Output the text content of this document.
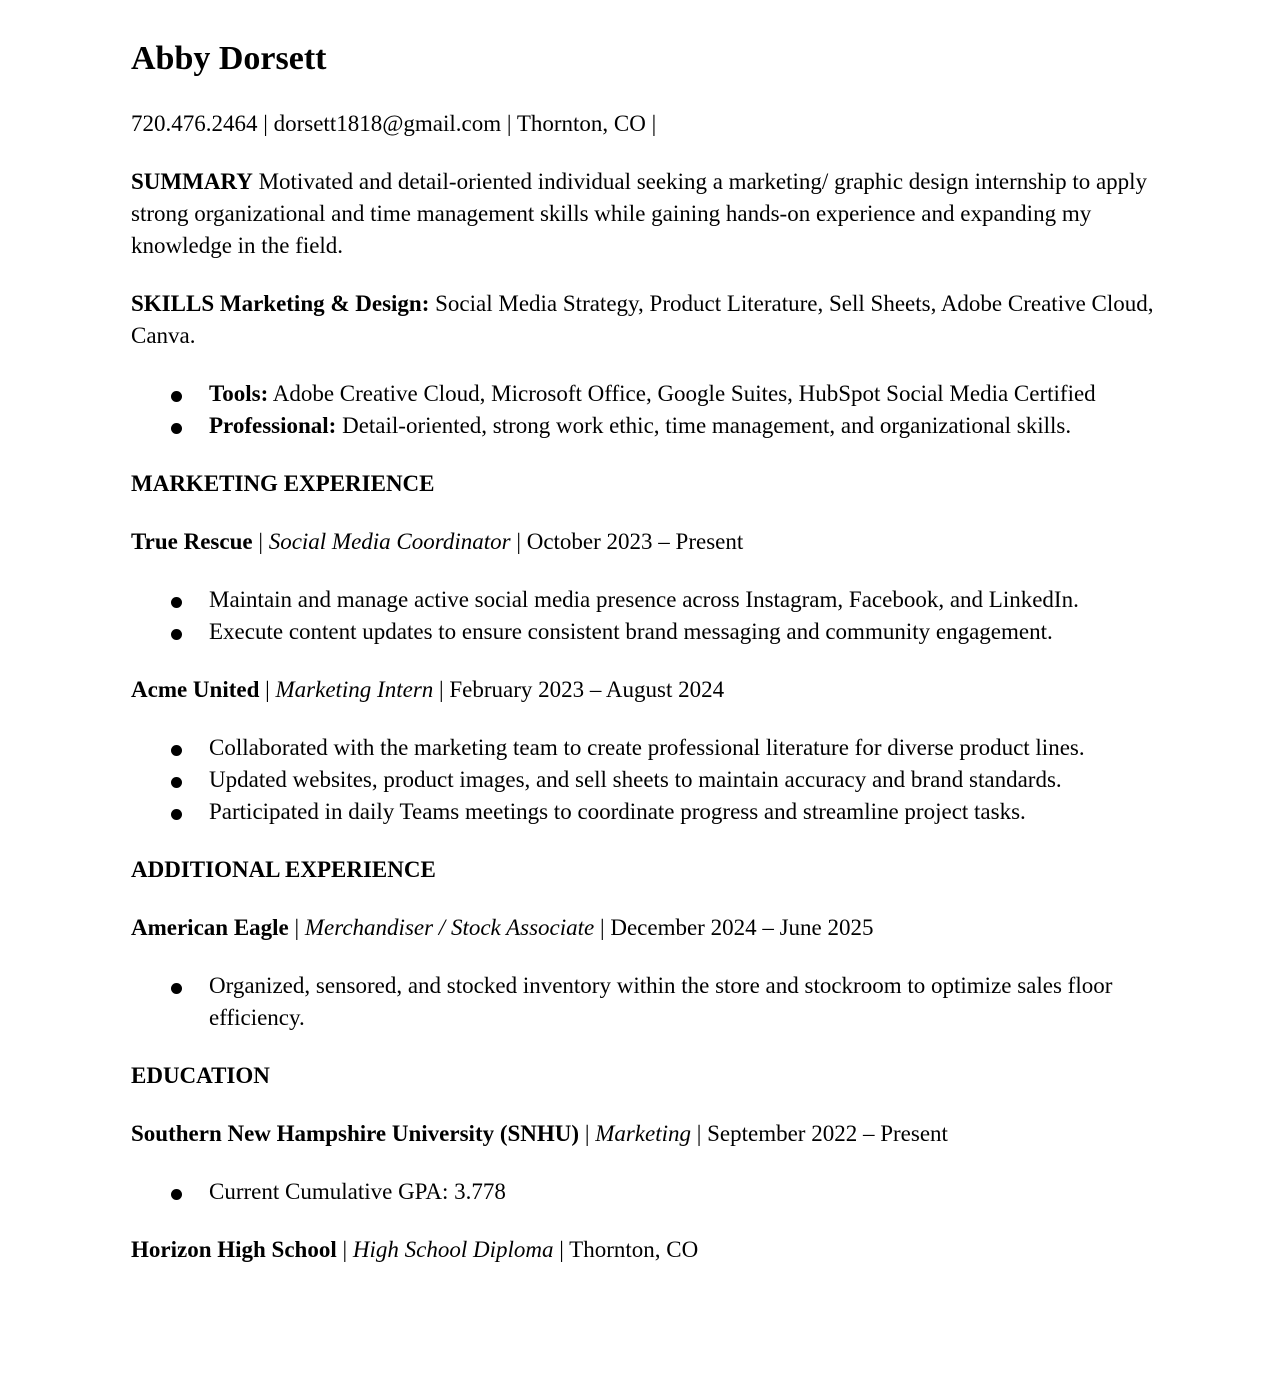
Abby Dorsett

720.476.2464 | dorsett1818@gmail.com | Thornton, CO |

SUMMARY Motivated and detail-oriented individual seeking a marketing/ graphic design internship to apply strong organizational and time management skills while gaining hands-on experience and expanding my knowledge in the field.

SKILLS Marketing & Design: Social Media Strategy, Product Literature, Sell Sheets, Adobe Creative Cloud, Canva.

Tools: Adobe Creative Cloud, Microsoft Office, Google Suites, HubSpot Social Media Certified
Professional: Detail-oriented, strong work ethic, time management, and organizational skills.

MARKETING EXPERIENCE

True Rescue | Social Media Coordinator | October 2023 – Present

Maintain and manage active social media presence across Instagram, Facebook, and LinkedIn.
Execute content updates to ensure consistent brand messaging and community engagement.

Acme United | Marketing Intern | February 2023 – August 2024

Collaborated with the marketing team to create professional literature for diverse product lines.
Updated websites, product images, and sell sheets to maintain accuracy and brand standards.
Participated in daily Teams meetings to coordinate progress and streamline project tasks.

ADDITIONAL EXPERIENCE

American Eagle | Merchandiser / Stock Associate | December 2024 – June 2025

Organized, sensored, and stocked inventory within the store and stockroom to optimize sales floor efficiency.

EDUCATION

Southern New Hampshire University (SNHU) | Marketing | September 2022 – Present

Current Cumulative GPA: 3.778

Horizon High School | High School Diploma | Thornton, CO
